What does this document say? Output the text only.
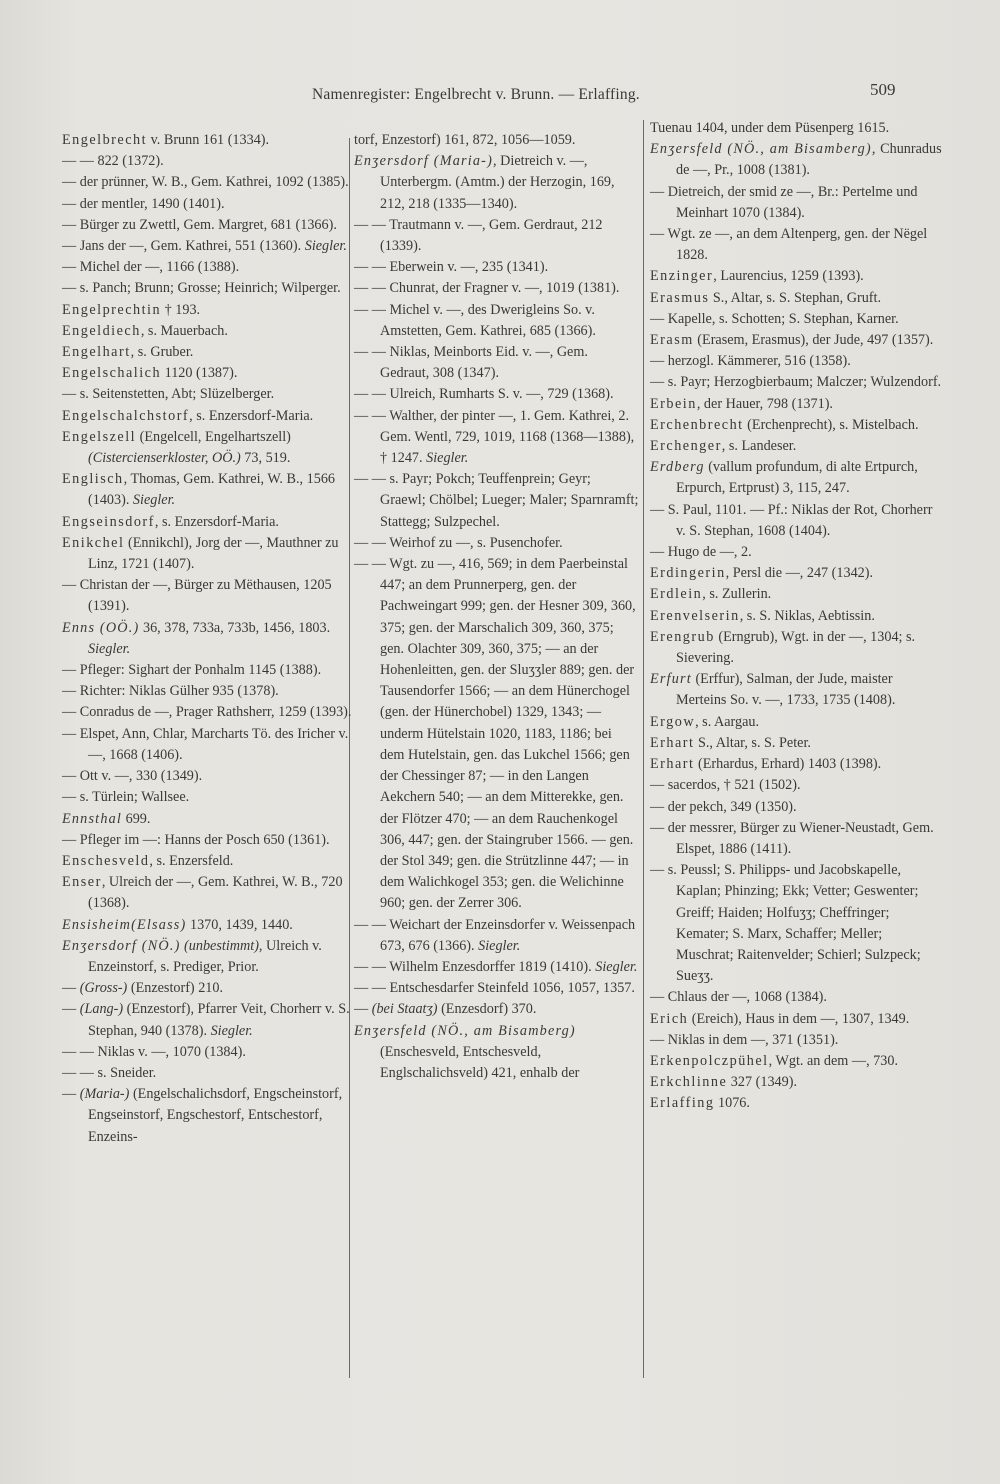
Namenregister: Engelbrecht v. Brunn. — Erlaffing.	509

Engelbrecht v. Brunn 161 (1334).

— — 822 (1372).

— der prünner, W. B., Gem. Kathrei, 1092 (1385).

— der mentler, 1490 (1401).

— Bürger zu Zwettl, Gem. Margret, 681 (1366).

— Jans der —, Gem. Kathrei, 551 (1360). Siegler.

— Michel der —, 1166 (1388).

— s. Panch; Brunn; Grosse; Heinrich; Wilperger.

Engelprechtin † 193.

Engeldiech, s. Mauerbach.

Engelhart, s. Gruber.

Engelschalich 1120 (1387).

— s. Seitenstetten, Abt; Slüzelberger.

Engelschalchstorf, s. Enzersdorf-Maria.

Engelszell (Engelcell, Engelhartszell) (Cistercienserkloster, OÖ.) 73, 519.

Englisch, Thomas, Gem. Kathrei, W. B., 1566 (1403). Siegler.

Engseinsdorf, s. Enzersdorf-Maria.

Enikchel (Ennikchl), Jorg der —, Mauthner zu Linz, 1721 (1407).

— Christan der —, Bürger zu Mëthausen, 1205 (1391).

Enns (OÖ.) 36, 378, 733a, 733b, 1456, 1803. Siegler.

— Pfleger: Sighart der Ponhalm 1145 (1388).

— Richter: Niklas Gülher 935 (1378).

— Conradus de —, Prager Rathsherr, 1259 (1393).

— Elspet, Ann, Chlar, Marcharts Tö. des Iricher v. —, 1668 (1406).

— Ott v. —, 330 (1349).

— s. Türlein; Wallsee.

Ennsthal 699.

— Pfleger im —: Hanns der Posch 650 (1361).

Enschesveld, s. Enzersfeld.

Enser, Ulreich der —, Gem. Kathrei, W. B., 720 (1368).

Ensisheim(Elsass) 1370, 1439, 1440.

Enʒersdorf (NÖ.) (unbestimmt), Ulreich v. Enzeinstorf, s. Prediger, Prior.

— (Gross-) (Enzestorf) 210.

— (Lang-) (Enzestorf), Pfarrer Veit, Chorherr v. S. Stephan, 940 (1378). Siegler.

— — Niklas v. —, 1070 (1384).

— — s. Sneider.

— (Maria-) (Engelschalichsdorf, Engscheinstorf, Engseinstorf, Engschestorf, Entschestorf, Enzeins-

torf, Enzestorf) 161, 872, 1056—1059.

Enʒersdorf (Maria-), Dietreich v. —, Unterbergm. (Amtm.) der Herzogin, 169, 212, 218 (1335—1340).

— — Trautmann v. —, Gem. Gerdraut, 212 (1339).

— — Eberwein v. —, 235 (1341).

— — Chunrat, der Fragner v. —, 1019 (1381).

— — Michel v. —, des Dwerigleins So. v. Amstetten, Gem. Kathrei, 685 (1366).

— — Niklas, Meinborts Eid. v. —, Gem. Gedraut, 308 (1347).

— — Ulreich, Rumharts S. v. —, 729 (1368).

— — Walther, der pinter —, 1. Gem. Kathrei, 2. Gem. Wentl, 729, 1019, 1168 (1368—1388), † 1247. Siegler.

— — s. Payr; Pokch; Teuffenprein; Geyr; Graewl; Chölbel; Lueger; Maler; Sparnramft; Stattegg; Sulzpechel.

— — Weirhof zu —, s. Pusenchofer.

— — Wgt. zu —, 416, 569; in dem Paerbeinstal 447; an dem Prunnerperg, gen. der Pachweingart 999; gen. der Hesner 309, 360, 375; gen. der Marschalich 309, 360, 375; gen. Olachter 309, 360, 375; — an der Hohenleitten, gen. der Sluʒʒler 889; gen. der Tausendorfer 1566; — an dem Hünerchogel (gen. der Hünerchobel) 1329, 1343; — underm Hütelstain 1020, 1183, 1186; bei dem Hutelstain, gen. das Lukchel 1566; gen der Chessinger 87; — in den Langen Aekchern 540; — an dem Mitterekke, gen. der Flötzer 470; — an dem Rauchenkogel 306, 447; gen. der Staingruber 1566. — gen. der Stol 349; gen. die Strützlinne 447; — in dem Walichkogel 353; gen. die Welichinne 960; gen. der Zerrer 306.

— — Weichart der Enzeinsdorfer v. Weissenpach 673, 676 (1366). Siegler.

— — Wilhelm Enzesdorffer 1819 (1410). Siegler.

— — Entschesdarfer Steinfeld 1056, 1057, 1357.

— (bei Staatʒ) (Enzesdorf) 370.

Enʒersfeld (NÖ., am Bisamberg) (Enschesveld, Entschesveld, Englschalichsveld) 421, enhalb der

Tuenau 1404, under dem Püsenperg 1615.

Enʒersfeld (NÖ., am Bisamberg), Chunradus de —, Pr., 1008 (1381).

— Dietreich, der smid ze —, Br.: Pertelme und Meinhart 1070 (1384).

— Wgt. ze —, an dem Altenperg, gen. der Nëgel 1828.

Enzinger, Laurencius, 1259 (1393).

Erasmus S., Altar, s. S. Stephan, Gruft.

— Kapelle, s. Schotten; S. Stephan, Karner.

Erasm (Erasem, Erasmus), der Jude, 497 (1357).

— herzogl. Kämmerer, 516 (1358).

— s. Payr; Herzogbierbaum; Malczer; Wulzendorf.

Erbein, der Hauer, 798 (1371).

Erchenbrecht (Erchenprecht), s. Mistelbach.

Erchenger, s. Landeser.

Erdberg (vallum profundum, di alte Ertpurch, Erpurch, Ertprust) 3, 115, 247.

— S. Paul, 1101. — Pf.: Niklas der Rot, Chorherr v. S. Stephan, 1608 (1404).

— Hugo de —, 2.

Erdingerin, Persl die —, 247 (1342).

Erdlein, s. Zullerin.

Erenvelserin, s. S. Niklas, Aebtissin.

Erengrub (Erngrub), Wgt. in der —, 1304; s. Sievering.

Erfurt (Erffur), Salman, der Jude, maister Merteins So. v. —, 1733, 1735 (1408).

Ergow, s. Aargau.

Erhart S., Altar, s. S. Peter.

Erhart (Erhardus, Erhard) 1403 (1398).

— sacerdos, † 521 (1502).

— der pekch, 349 (1350).

— der messrer, Bürger zu Wiener-Neustadt, Gem. Elspet, 1886 (1411).

— s. Peussl; S. Philipps- und Jacobskapelle, Kaplan; Phinzing; Ekk; Vetter; Geswenter; Greiff; Haiden; Holfuʒʒ; Cheffringer; Kemater; S. Marx, Schaffer; Meller; Muschrat; Raitenvelder; Schierl; Sulzpeck; Sueʒʒ.

— Chlaus der —, 1068 (1384).

Erich (Ereich), Haus in dem —, 1307, 1349.

— Niklas in dem —, 371 (1351).

Erkenpolczpühel, Wgt. an dem —, 730.

Erkchlinne 327 (1349).

Erlaffing 1076.
